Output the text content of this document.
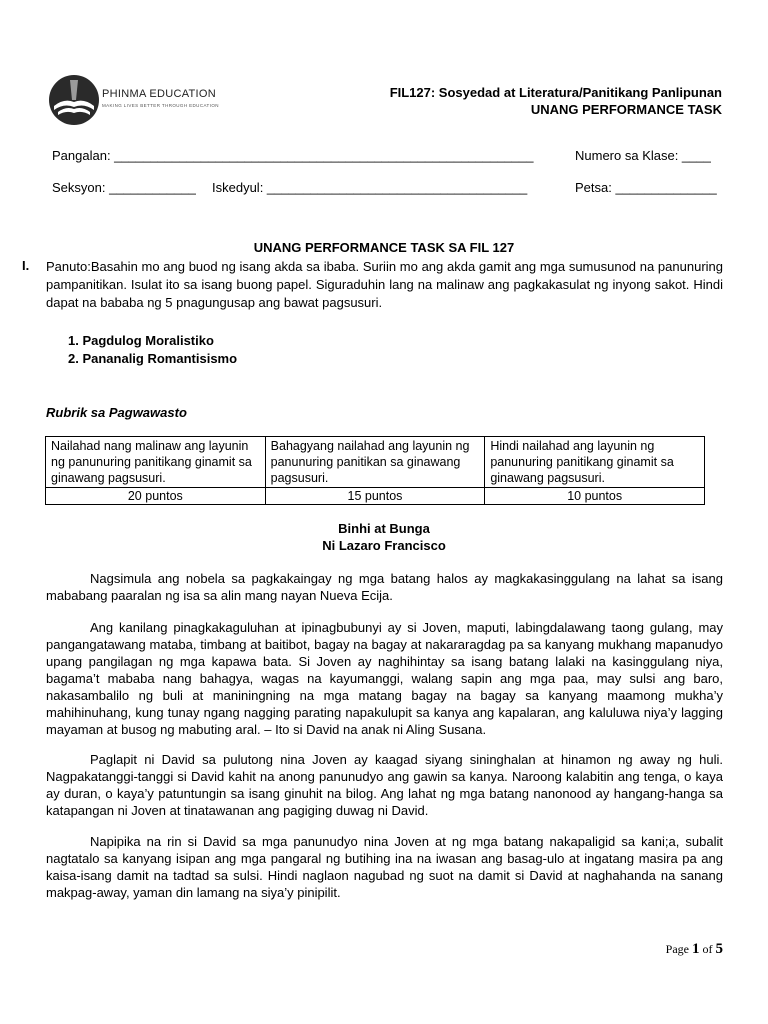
PHINMA EDUCATION
MAKING LIVES BETTER THROUGH EDUCATION
FIL127: Sosyedad at Literatura/Panitikang Panlipunan
UNANG PERFORMANCE TASK
Pangalan: __________________________________________________________	Numero sa Klase: ____
Seksyon: ____________ Iskedyul: ____________________________________	Petsa: ______________
UNANG PERFORMANCE TASK SA FIL 127
I. Panuto:Basahin mo ang buod ng isang akda sa ibaba. Suriin mo ang akda gamit ang mga sumusunod na panunuring pampanitikan. Isulat ito sa isang buong papel. Siguraduhin lang na malinaw ang pagkakasulat ng inyong sakot. Hindi dapat na bababa ng 5 pnagungusap ang bawat pagsusuri.
1. Pagdulog Moralistiko
2. Pananalig Romantisismo
Rubrik sa Pagwawasto
Nailahad nang malinaw ang layunin ng panunuring panitikang ginamit sa ginawang pagsusuri.	Bahagyang nailahad ang layunin ng panunuring panitikan sa ginawang pagsusuri.	Hindi nailahad ang layunin ng panunuring panitikang ginamit sa ginawang pagsusuri.
20 puntos	15 puntos	10 puntos
Binhi at Bunga
Ni Lazaro Francisco

Nagsimula ang nobela sa pagkakaingay ng mga batang halos ay magkakasinggulang na lahat sa isang mababang paaralan ng isa sa alin mang nayan Nueva Ecija.

Ang kanilang pinagkakaguluhan at ipinagbubunyi ay si Joven, maputi, labingdalawang taong gulang, may pangangatawang mataba, timbang at baitibot, bagay na bagay at nakararagdag pa sa kanyang mukhang mapanudyo upang pangilagan ng mga kapawa bata. Si Joven ay naghihintay sa isang batang lalaki na kasinggulang niya, bagama’t mababa nang bahagya, wagas na kayumanggi, walang sapin ang mga paa, may sulsi ang baro, nakasambalilo ng buli at maniningning na mga matang bagay na bagay sa kanyang maamong mukha’y mahihinuhang, kung tunay ngang nagging parating napakulupit sa kanya ang kapalaran, ang kaluluwa niya’y lagging mayaman at busog ng mabuting aral. – Ito si David na anak ni Aling Susana.

Paglapit ni David sa pulutong nina Joven ay kaagad siyang sininghalan at hinamon ng away ng huli. Nagpakatanggi-tanggi si David kahit na anong panunudyo ang gawin sa kanya. Naroong kalabitin ang tenga, o kaya ay duran, o kaya’y patuntungin sa isang ginuhit na bilog. Ang lahat ng mga batang nanonood ay hangang-hanga sa katapangan ni Joven at tinatawanan ang pagiging duwag ni David.

Napipika na rin si David sa mga panunudyo nina Joven at ng mga batang nakapaligid sa kani;a, subalit nagtatalo sa kanyang isipan ang mga pangaral ng butihing ina na iwasan ang basag-ulo at ingatang masira pa ang kaisa-isang damit na tadtad sa sulsi. Hindi naglaon nagubad ng suot na damit si David at naghahanda na sanang makpag-away, yaman din lamang na siya’y pinipilit.

Page 1 of 5
